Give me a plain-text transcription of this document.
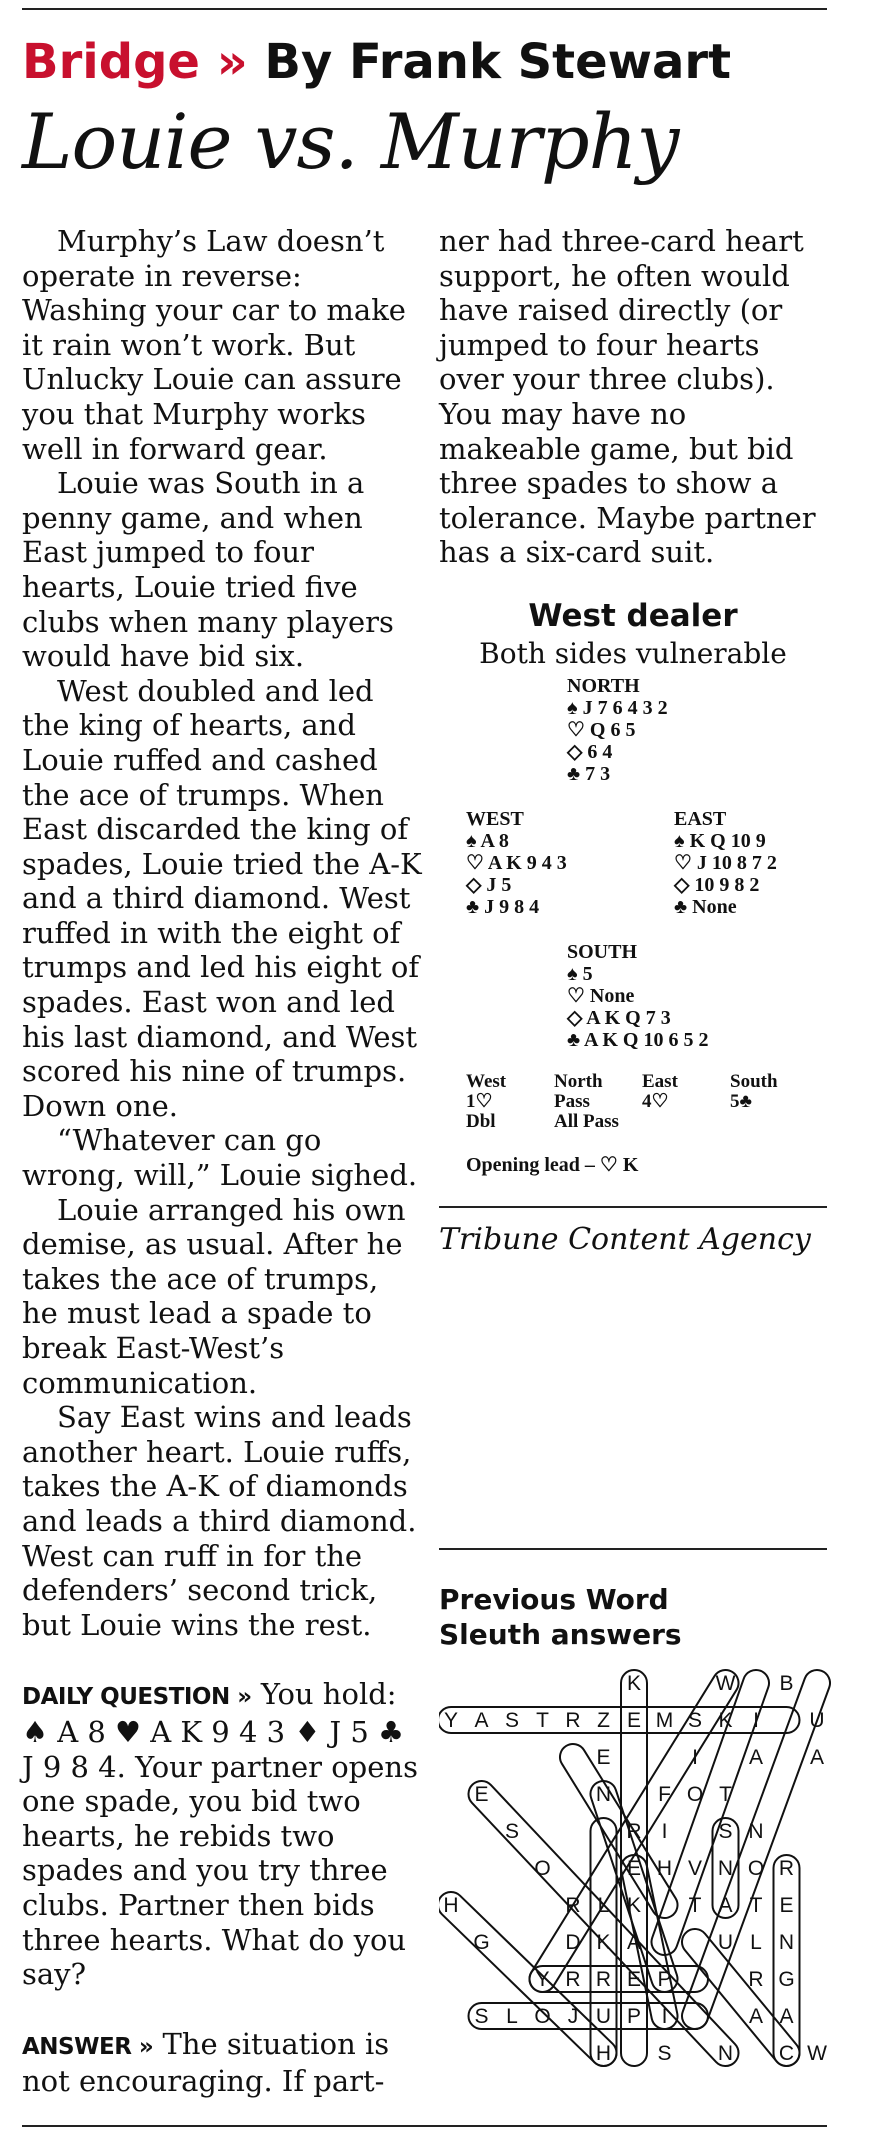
Bridge » By Frank Stewart
Louie vs. Murphy

Murphy’s Law doesn’t operate in reverse: Washing your car to make it rain won’t work. But Unlucky Louie can assure you that Murphy works well in forward gear.

Louie was South in a penny game, and when East jumped to four hearts, Louie tried five clubs when many players would have bid six.

West doubled and led the king of hearts, and Louie ruffed and cashed the ace of trumps. When East discarded the king of spades, Louie tried the A-K and a third diamond. West ruffed in with the eight of trumps and led his eight of spades. East won and led his last diamond, and West scored his nine of trumps. Down one.

“Whatever can go wrong, will,” Louie sighed.

Louie arranged his own demise, as usual. After he takes the ace of trumps, he must lead a spade to break East-West’s communication.

Say East wins and leads another heart. Louie ruffs, takes the A-K of diamonds and leads a third diamond. West can ruff in for the defenders’ second trick, but Louie wins the rest.

DAILY QUESTION » You hold: ♠ A 8 ♥ A K 9 4 3 ♦ J 5 ♣ J 9 8 4. Your partner opens one spade, you bid two hearts, he rebids two spades and you try three clubs. Partner then bids three hearts. What do you say?

ANSWER » The situation is not encouraging. If part-

ner had three-card heart support, he often would have raised directly (or jumped to four hearts over your three clubs). You may have no makeable game, but bid three spades to show a tolerance. Maybe partner has a six-card suit.

West dealer
Both sides vulnerable
NORTH
♠ J 7 6 4 3 2
♡ Q 6 5
◇ 6 4
♣ 7 3
WEST
♠ A 8
♡ A K 9 4 3
◇ J 5
♣ J 9 8 4
EAST
♠ K Q 10 9
♡ J 10 8 7 2
◇ 10 9 8 2
♣ None
SOUTH
♠ 5
♡ None
◇ A K Q 7 3
♣ A K Q 10 6 5 2
West	North	East	South
1♡	Pass	4♡	5♣
Dbl	All Pass		
Opening lead – ♡ K
Tribune Content Agency
Previous Word
Sleuth answers
K	W B
Y A S T R Z E M S K I U
E	I A A
E	N F O T
S	R I S N
O	E H V N O R
H	R L K T A T E
G	D K A	U L N
Y R R E P	R G
S L O J U P I	A A
H S N C W
